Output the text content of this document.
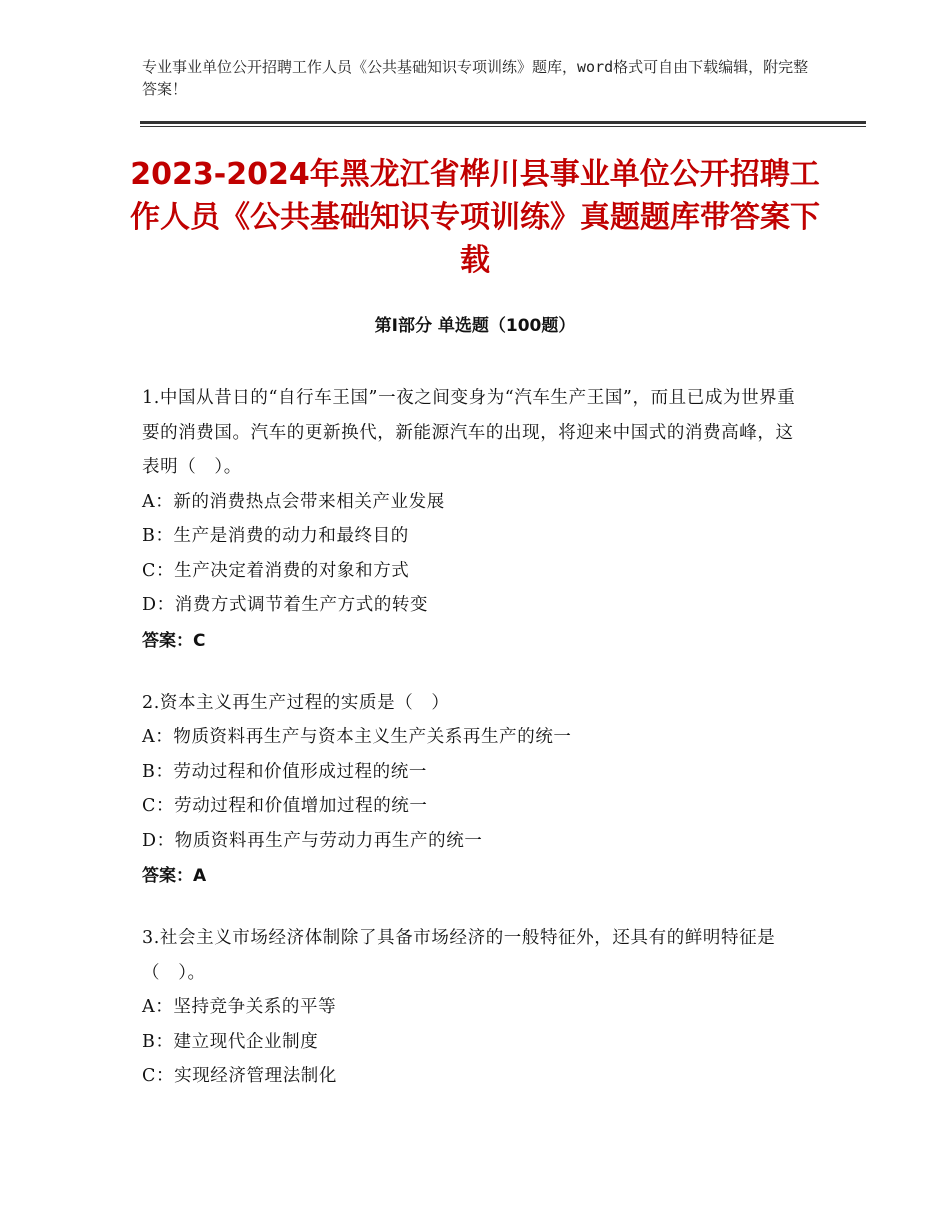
专业事业单位公开招聘工作人员《公共基础知识专项训练》题库，word格式可自由下载编辑，附完整答案！
2023-2024年黑龙江省桦川县事业单位公开招聘工作人员《公共基础知识专项训练》真题题库带答案下载
第Ⅰ部分 单选题（100题）
1.中国从昔日的“自行车王国”一夜之间变身为“汽车生产王国”，而且已成为世界重要的消费国。汽车的更新换代，新能源汽车的出现，将迎来中国式的消费高峰，这表明（　）。
A：新的消费热点会带来相关产业发展
B：生产是消费的动力和最终目的
C：生产决定着消费的对象和方式
D：消费方式调节着生产方式的转变
答案：C
2.资本主义再生产过程的实质是（　）
A：物质资料再生产与资本主义生产关系再生产的统一
B：劳动过程和价值形成过程的统一
C：劳动过程和价值增加过程的统一
D：物质资料再生产与劳动力再生产的统一
答案：A
3.社会主义市场经济体制除了具备市场经济的一般特征外，还具有的鲜明特征是（　）。
A：坚持竞争关系的平等
B：建立现代企业制度
C：实现经济管理法制化
